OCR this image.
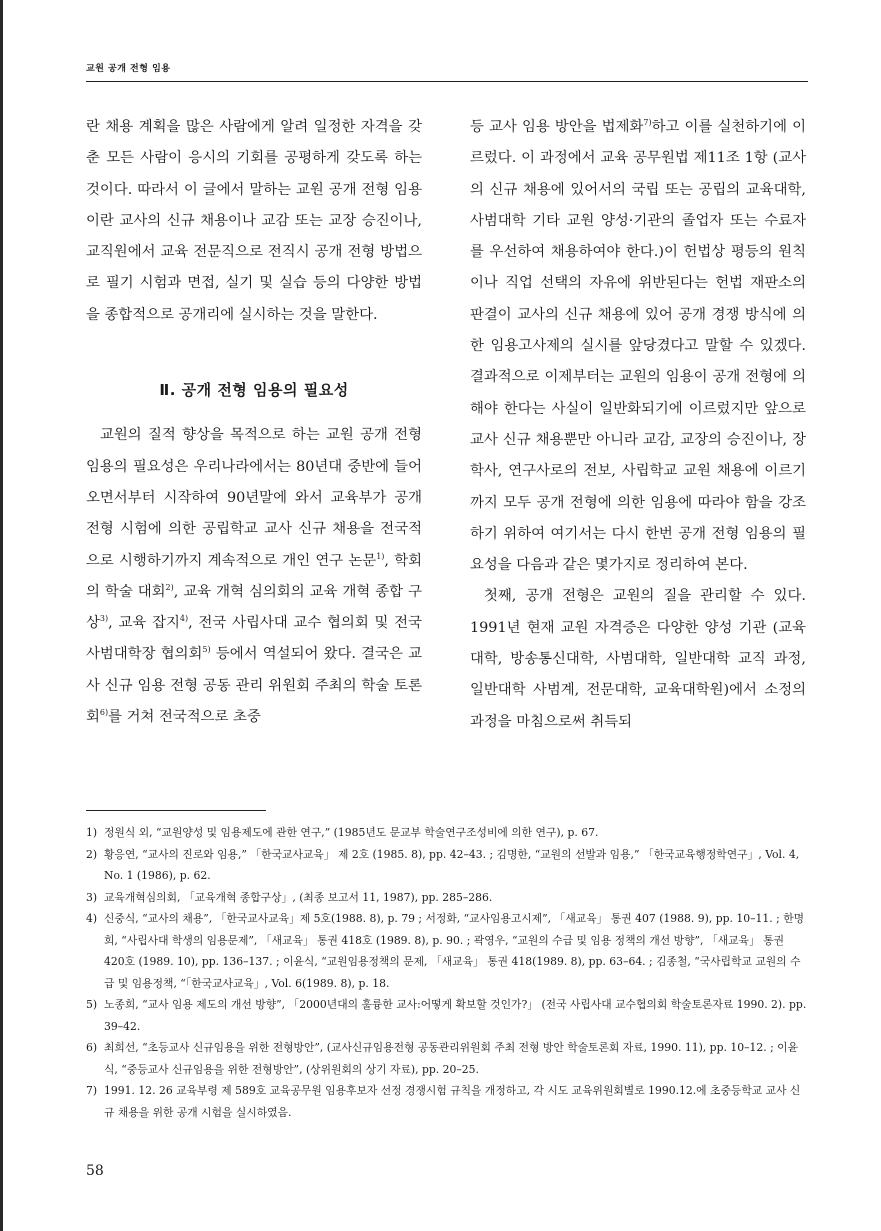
교원 공개 전형 임용

란 채용 계획을 많은 사람에게 알려 일정한 자격을 갖춘 모든 사람이 응시의 기회를 공평하게 갖도록 하는 것이다. 따라서 이 글에서 말하는 교원 공개 전형 임용이란 교사의 신규 채용이나 교감 또는 교장 승진이나, 교직원에서 교육 전문직으로 전직시 공개 전형 방법으로 필기 시험과 면접, 실기 및 실습 등의 다양한 방법을 종합적으로 공개리에 실시하는 것을 말한다.

Ⅱ. 공개 전형 임용의 필요성

교원의 질적 향상을 목적으로 하는 교원 공개 전형 임용의 필요성은 우리나라에서는 80년대 중반에 들어오면서부터 시작하여 90년말에 와서 교육부가 공개 전형 시험에 의한 공립학교 교사 신규 채용을 전국적으로 시행하기까지 계속적으로 개인 연구 논문$^{1)}$, 학회의 학술 대회$^{2)}$, 교육 개혁 심의회의 교육 개혁 종합 구상$^{3)}$, 교육 잡지$^{4)}$, 전국 사립사대 교수 협의회 및 전국 사범대학장 협의회$^{5)}$ 등에서 역설되어 왔다. 결국은 교사 신규 임용 전형 공동 관리 위원회 주최의 학술 토론회$^{6)}$를 거쳐 전국적으로 초중

등 교사 임용 방안을 법제화$^{7)}$하고 이를 실천하기에 이르렀다. 이 과정에서 교육 공무원법 제11조 1항 (교사의 신규 채용에 있어서의 국립 또는 공립의 교육대학, 사범대학 기타 교원 양성·기관의 졸업자 또는 수료자를 우선하여 채용하여야 한다.)이 헌법상 평등의 원칙이나 직업 선택의 자유에 위반된다는 헌법 재판소의 판결이 교사의 신규 채용에 있어 공개 경쟁 방식에 의한 임용고사제의 실시를 앞당겼다고 말할 수 있겠다. 결과적으로 이제부터는 교원의 임용이 공개 전형에 의해야 한다는 사실이 일반화되기에 이르렀지만 앞으로 교사 신규 채용뿐만 아니라 교감, 교장의 승진이나, 장학사, 연구사로의 전보, 사립학교 교원 채용에 이르기까지 모두 공개 전형에 의한 임용에 따라야 함을 강조하기 위하여 여기서는 다시 한번 공개 전형 임용의 필요성을 다음과 같은 몇가지로 정리하여 본다.

첫째, 공개 전형은 교원의 질을 관리할 수 있다. 1991년 현재 교원 자격증은 다양한 양성 기관 (교육대학, 방송통신대학, 사범대학, 일반대학 교직 과정, 일반대학 사범계, 전문대학, 교육대학원)에서 소정의 과정을 마침으로써 취득되

1) 정원식 외, “교원양성 및 임용제도에 관한 연구,” (1985년도 문교부 학술연구조성비에 의한 연구), p. 67.
2) 황응연, “교사의 진로와 임용,” 「한국교사교육」 제 2호 (1985. 8), pp. 42–43. ; 김명한, “교원의 선발과 임용,” 「한국교육행정학연구」, Vol. 4, No. 1 (1986), p. 62.
3) 교육개혁심의회, 「교육개혁 종합구상」, (최종 보고서 11, 1987), pp. 285–286.
4) 신중식, “교사의 채용”, 「한국교사교육」제 5호(1988. 8), p. 79 ; 서정화, “교사임용고시제”, 「새교육」 통권 407 (1988. 9), pp. 10–11. ; 한명희, “사립사대 학생의 임용문제”, 「새교육」 통권 418호 (1989. 8), p. 90. ; 곽영우, “교원의 수급 및 임용 정책의 개선 방향”, 「새교육」 통권 420호 (1989. 10), pp. 136–137. ; 이윤식, “교원임용정책의 문제, 「새교육」 통권 418(1989. 8), pp. 63–64. ; 김종철, “국사립학교 교원의 수급 및 임용정책, “「한국교사교육」, Vol. 6(1989. 8), p. 18.
5) 노종희, “교사 임용 제도의 개선 방향”, 「2000년대의 훌륭한 교사:어떻게 확보할 것인가?」 (전국 사립사대 교수협의회 학술토론자료 1990. 2). pp. 39–42.
6) 최희선, “초등교사 신규임용을 위한 전형방안”, (교사신규임용전형 공동관리위원회 주최 전형 방안 학술토론회 자료, 1990. 11), pp. 10–12. ; 이윤식, “중등교사 신규임용을 위한 전형방안”, (상위원회의 상기 자료), pp. 20–25.
7) 1991. 12. 26 교육부령 제 589호 교육공무원 임용후보자 선정 경쟁시험 규칙을 개정하고, 각 시도 교육위원회별로 1990.12.에 초중등학교 교사 신규 채용을 위한 공개 시험을 실시하였음.
58
